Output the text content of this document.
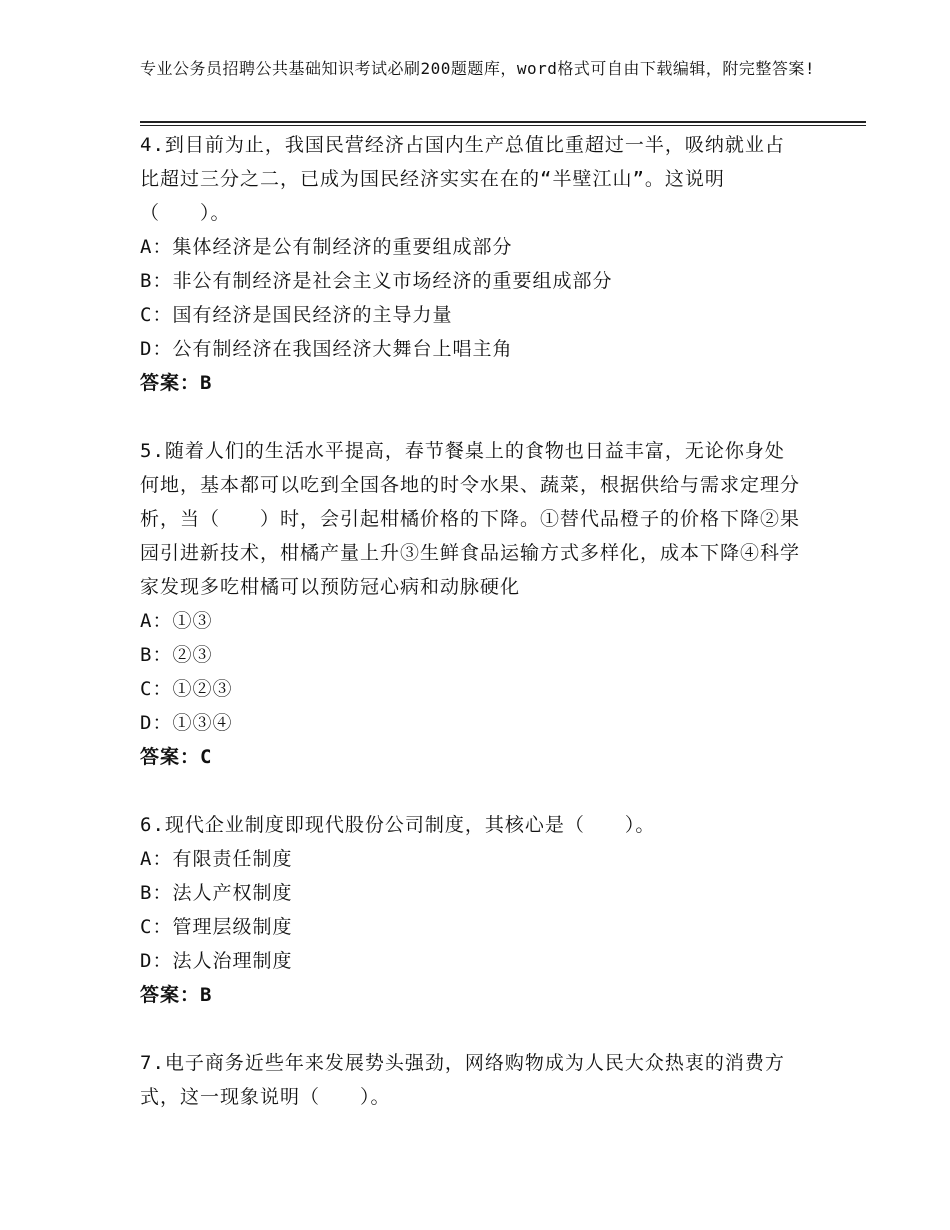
专业公务员招聘公共基础知识考试必刷200题题库，word格式可自由下载编辑，附完整答案!

4.到目前为止，我国民营经济占国内生产总值比重超过一半，吸纳就业占比超过三分之二，已成为国民经济实实在在的“半壁江山”。这说明（　　）。

A：集体经济是公有制经济的重要组成部分

B：非公有制经济是社会主义市场经济的重要组成部分

C：国有经济是国民经济的主导力量

D：公有制经济在我国经济大舞台上唱主角

答案：B

5.随着人们的生活水平提高，春节餐桌上的食物也日益丰富，无论你身处何地，基本都可以吃到全国各地的时令水果、蔬菜，根据供给与需求定理分析，当（　　）时，会引起柑橘价格的下降。①替代品橙子的价格下降②果园引进新技术，柑橘产量上升③生鲜食品运输方式多样化，成本下降④科学家发现多吃柑橘可以预防冠心病和动脉硬化

A：①③

B：②③

C：①②③

D：①③④

答案：C

6.现代企业制度即现代股份公司制度，其核心是（　　）。

A：有限责任制度

B：法人产权制度

C：管理层级制度

D：法人治理制度

答案：B

7.电子商务近些年来发展势头强劲，网络购物成为人民大众热衷的消费方式，这一现象说明（　　）。
